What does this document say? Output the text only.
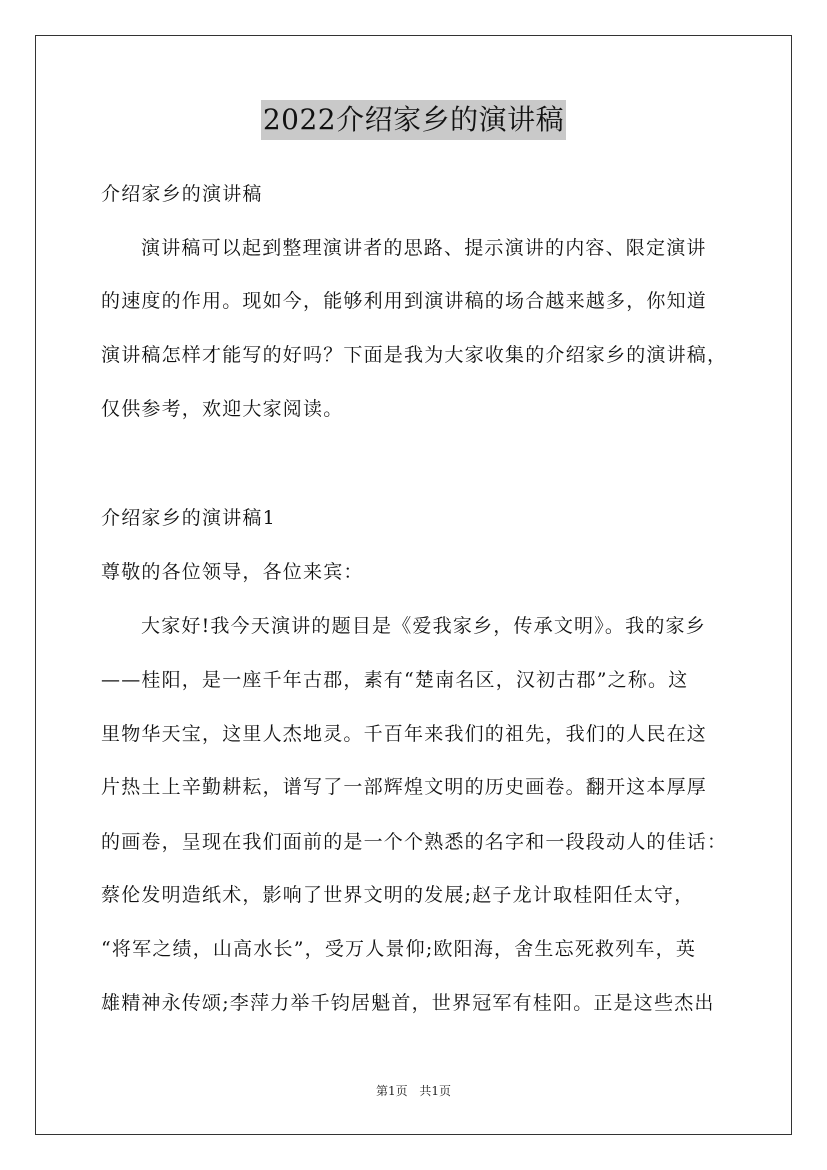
2022介绍家乡的演讲稿
介绍家乡的演讲稿
演讲稿可以起到整理演讲者的思路、提示演讲的内容、限定演讲
的速度的作用。现如今，能够利用到演讲稿的场合越来越多，你知道
演讲稿怎样才能写的好吗？下面是我为大家收集的介绍家乡的演讲稿，
仅供参考，欢迎大家阅读。
介绍家乡的演讲稿1
尊敬的各位领导，各位来宾：
大家好!我今天演讲的题目是《爱我家乡，传承文明》。我的家乡
——桂阳，是一座千年古郡，素有“楚南名区，汉初古郡”之称。这
里物华天宝，这里人杰地灵。千百年来我们的祖先，我们的人民在这
片热土上辛勤耕耘，谱写了一部辉煌文明的历史画卷。翻开这本厚厚
的画卷，呈现在我们面前的是一个个熟悉的名字和一段段动人的佳话：
蔡伦发明造纸术，影响了世界文明的发展;赵子龙计取桂阳任太守，
“将军之绩，山高水长”，受万人景仰;欧阳海，舍生忘死救列车，英
雄精神永传颂;李萍力举千钧居魁首，世界冠军有桂阳。正是这些杰出
第1页 共1页
